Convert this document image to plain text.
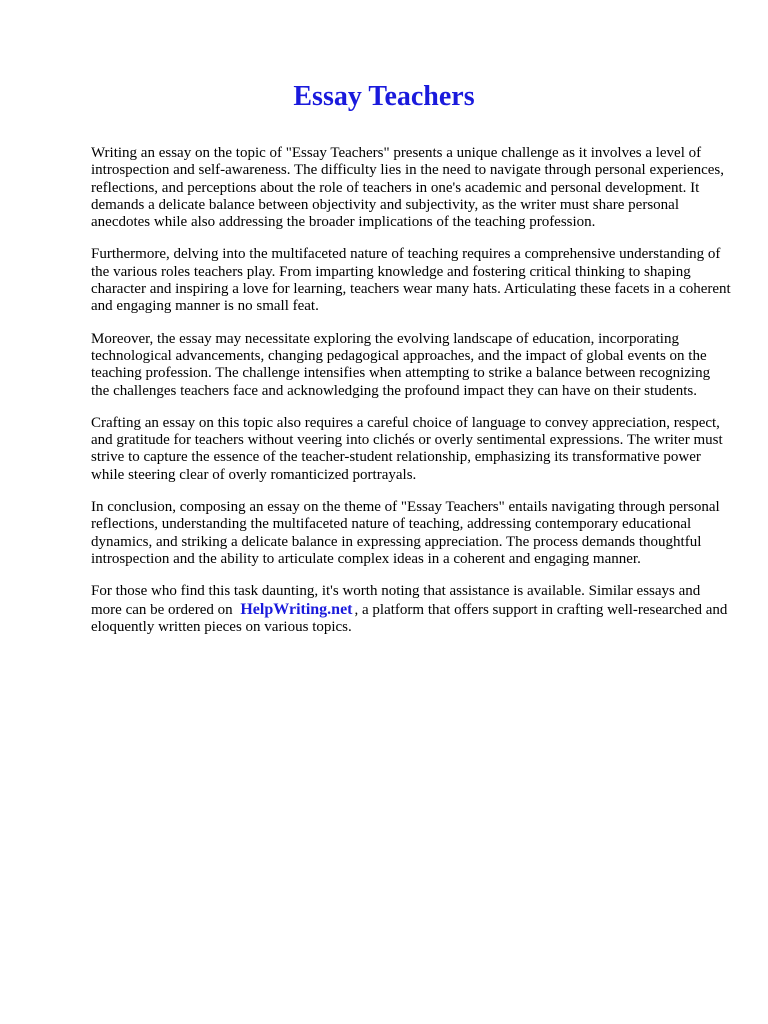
Essay Teachers

Writing an essay on the topic of "Essay Teachers" presents a unique challenge as it involves a level of introspection and self-awareness. The difficulty lies in the need to navigate through personal experiences, reflections, and perceptions about the role of teachers in one's academic and personal development. It demands a delicate balance between objectivity and subjectivity, as the writer must share personal anecdotes while also addressing the broader implications of the teaching profession.

Furthermore, delving into the multifaceted nature of teaching requires a comprehensive understanding of the various roles teachers play. From imparting knowledge and fostering critical thinking to shaping character and inspiring a love for learning, teachers wear many hats. Articulating these facets in a coherent and engaging manner is no small feat.

Moreover, the essay may necessitate exploring the evolving landscape of education, incorporating technological advancements, changing pedagogical approaches, and the impact of global events on the teaching profession. The challenge intensifies when attempting to strike a balance between recognizing the challenges teachers face and acknowledging the profound impact they can have on their students.

Crafting an essay on this topic also requires a careful choice of language to convey appreciation, respect, and gratitude for teachers without veering into clichés or overly sentimental expressions. The writer must strive to capture the essence of the teacher-student relationship, emphasizing its transformative power while steering clear of overly romanticized portrayals.

In conclusion, composing an essay on the theme of "Essay Teachers" entails navigating through personal reflections, understanding the multifaceted nature of teaching, addressing contemporary educational dynamics, and striking a delicate balance in expressing appreciation. The process demands thoughtful introspection and the ability to articulate complex ideas in a coherent and engaging manner.

For those who find this task daunting, it's worth noting that assistance is available. Similar essays and more can be ordered on HelpWriting.net , a platform that offers support in crafting well-researched and eloquently written pieces on various topics.
